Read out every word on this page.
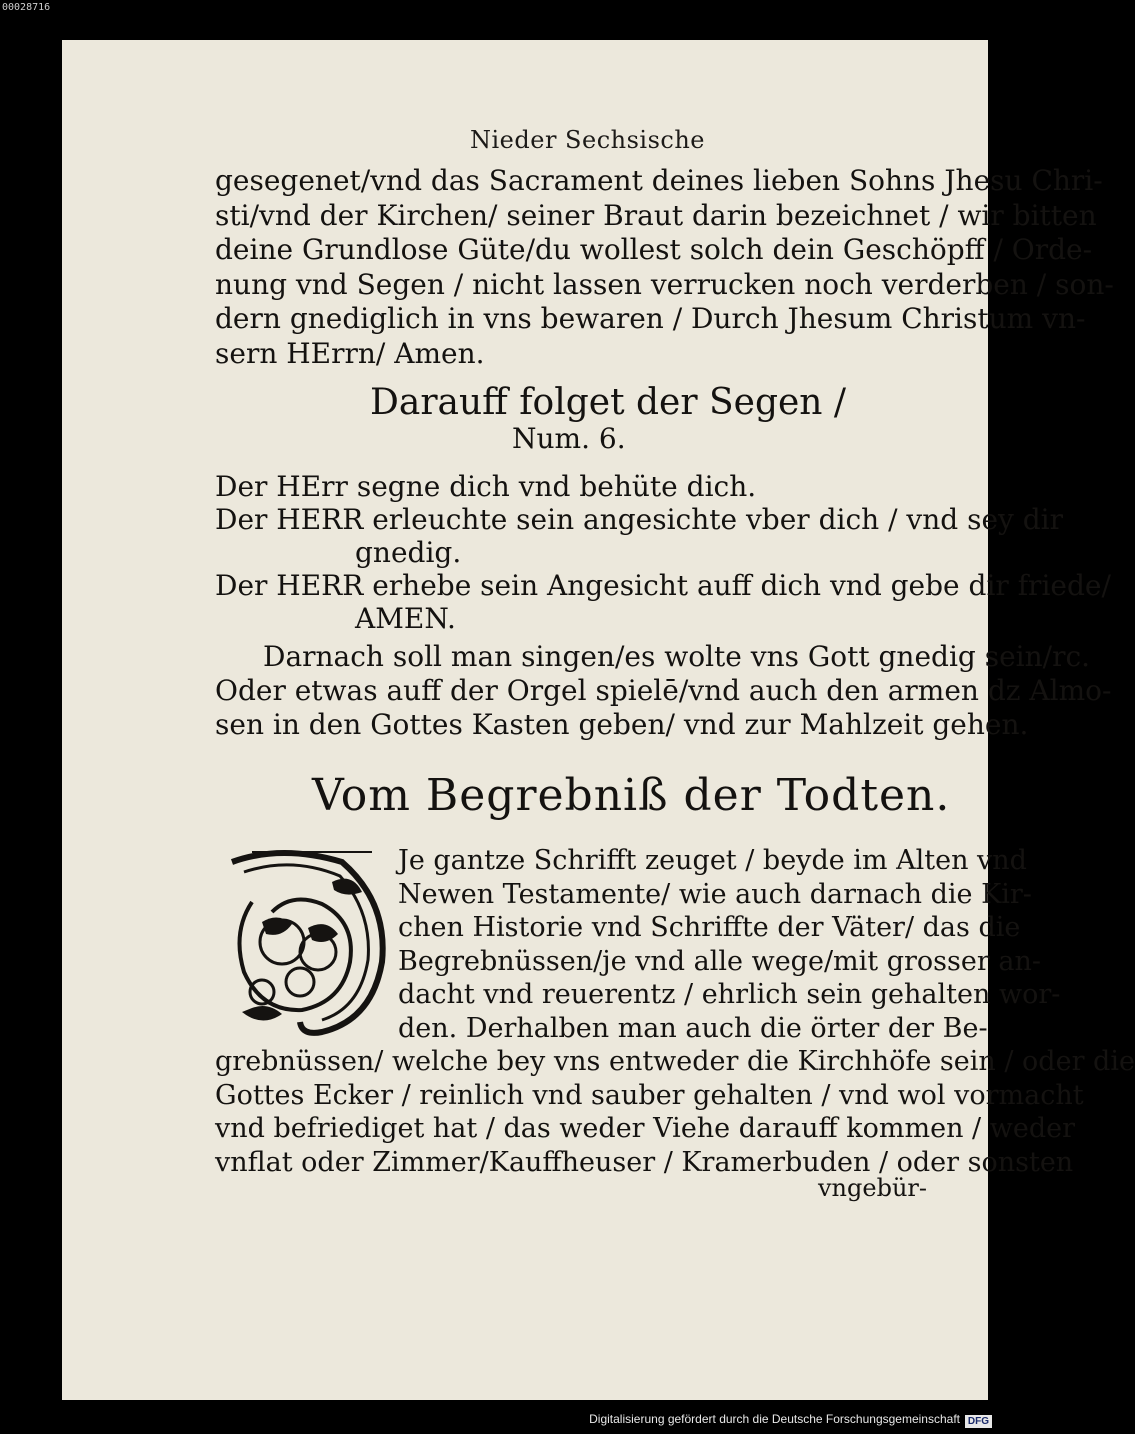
00028716
Nieder Sechsische
gesegenet/vnd das Sacrament deines lieben Sohns Jhesu Chri-
sti/vnd der Kirchen/ seiner Braut darin bezeichnet / wir bitten
deine Grundlose Güte/du wollest solch dein Geschöpff / Orde-
nung vnd Segen / nicht lassen verrucken noch verderben / son-
dern gnediglich in vns bewaren / Durch Jhesum Christum vn-
sern HErrn/ Amen.
Darauff folget der Segen /
Num. 6.
Der HErr segne dich vnd behüte dich.
Der HERR erleuchte sein angesichte vber dich / vnd sey dir
gnedig.
Der HERR erhebe sein Angesicht auff dich vnd gebe dir friede/
AMEN.
Darnach soll man singen/es wolte vns Gott gnedig sein/rc.
Oder etwas auff der Orgel spielē/vnd auch den armen dz Almo-
sen in den Gottes Kasten geben/ vnd zur Mahlzeit gehen.
Vom Begrebniß der Todten.
Je gantze Schrifft zeuget / beyde im Alten vnd
Newen Testamente/ wie auch darnach die Kir-
chen Historie vnd Schriffte der Väter/ das die
Begrebnüssen/je vnd alle wege/mit grosser an-
dacht vnd reuerentz / ehrlich sein gehalten wor-
den. Derhalben man auch die örter der Be-
grebnüssen/ welche bey vns entweder die Kirchhöfe sein / oder die
Gottes Ecker / reinlich vnd sauber gehalten / vnd wol vormacht
vnd befriediget hat / das weder Viehe darauff kommen / weder
vnflat oder Zimmer/Kauffheuser / Kramerbuden / oder sonsten
vngebür-
Digitalisierung gefördert durch die Deutsche Forschungsgemeinschaft DFG
